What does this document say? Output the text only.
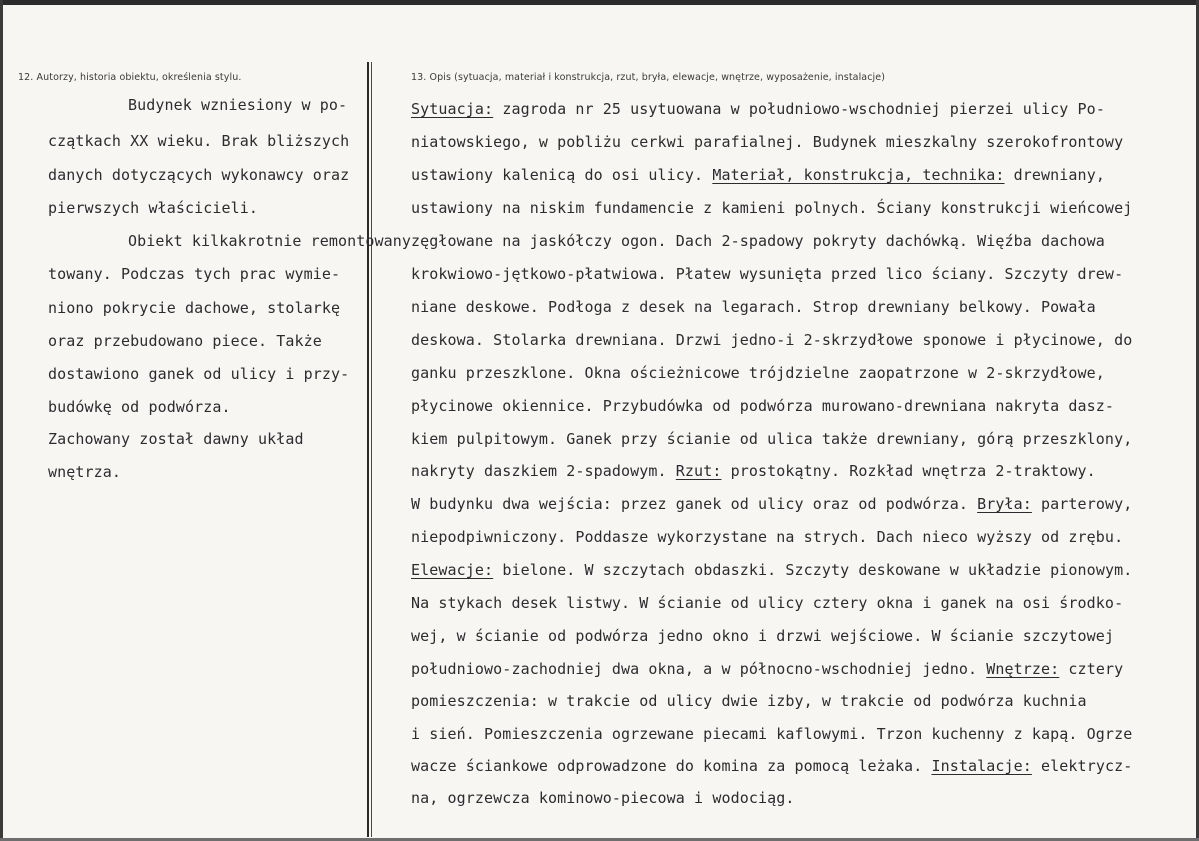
12. Autorzy, historia obiektu, określenia stylu.	13. Opis (sytuacja, materiał i konstrukcja, rzut, bryła, elewacje, wnętrze, wyposażenie, instalacje)
Budynek wzniesiony w po-
czątkach XX wieku. Brak bliższych
danych dotyczących wykonawcy oraz
pierwszych właścicieli.
Obiekt kilkakrotnie remontowany
towany. Podczas tych prac wymie-
niono pokrycie dachowe, stolarkę
oraz przebudowano piece. Także
dostawiono ganek od ulicy i przy-
budówkę od podwórza.
Zachowany został dawny układ
wnętrza.
Sytuacja: zagroda nr 25 usytuowana w południowo-wschodniej pierzei ulicy Po-
niatowskiego, w pobliżu cerkwi parafialnej. Budynek mieszkalny szerokofrontowy
ustawiony kalenicą do osi ulicy. Materiał, konstrukcja, technika: drewniany,
ustawiony na niskim fundamencie z kamieni polnych. Ściany konstrukcji wieńcowej
zęgłowane na jaskółczy ogon. Dach 2-spadowy pokryty dachówką. Więźba dachowa
krokwiowo-jętkowo-płatwiowa. Płatew wysunięta przed lico ściany. Szczyty drew-
niane deskowe. Podłoga z desek na legarach. Strop drewniany belkowy. Powała
deskowa. Stolarka drewniana. Drzwi jedno-i 2-skrzydłowe sponowe i płycinowe, do
ganku przeszklone. Okna ościeżnicowe trójdzielne zaopatrzone w 2-skrzydłowe,
płycinowe okiennice. Przybudówka od podwórza murowano-drewniana nakryta dasz-
kiem pulpitowym. Ganek przy ścianie od ulica także drewniany, górą przeszklony,
nakryty daszkiem 2-spadowym. Rzut: prostokątny. Rozkład wnętrza 2-traktowy.
W budynku dwa wejścia: przez ganek od ulicy oraz od podwórza. Bryła: parterowy,
niepodpiwniczony. Poddasze wykorzystane na strych. Dach nieco wyższy od zrębu.
Elewacje: bielone. W szczytach obdaszki. Szczyty deskowane w układzie pionowym.
Na stykach desek listwy. W ścianie od ulicy cztery okna i ganek na osi środko-
wej, w ścianie od podwórza jedno okno i drzwi wejściowe. W ścianie szczytowej
południowo-zachodniej dwa okna, a w północno-wschodniej jedno. Wnętrze: cztery
pomieszczenia: w trakcie od ulicy dwie izby, w trakcie od podwórza kuchnia
i sień. Pomieszczenia ogrzewane piecami kaflowymi. Trzon kuchenny z kapą. Ogrze
wacze ściankowe odprowadzone do komina za pomocą leżaka. Instalacje: elektrycz-
na, ogrzewcza kominowo-piecowa i wodociąg.
